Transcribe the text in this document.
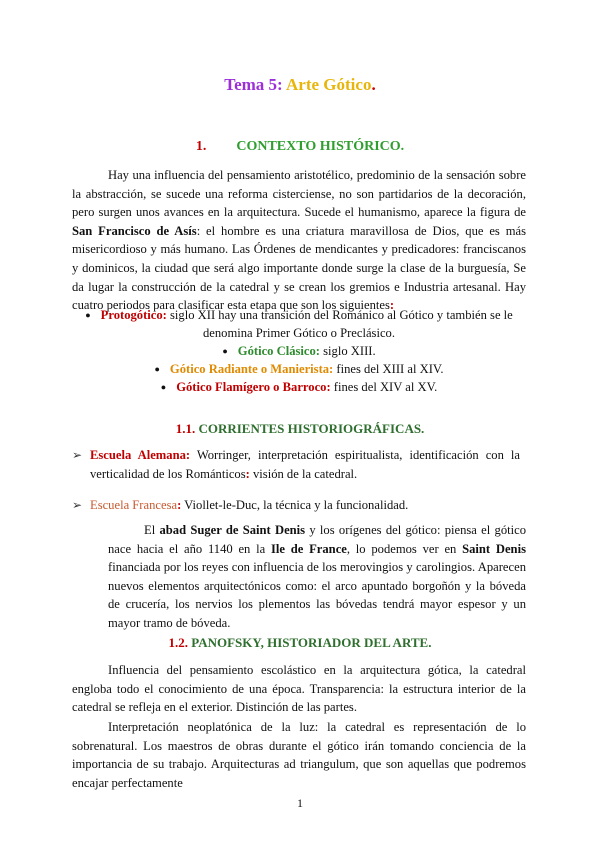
Tema 5: Arte Gótico.
1. CONTEXTO HISTÓRICO.

Hay una influencia del pensamiento aristotélico, predominio de la sensación sobre la abstracción, se sucede una reforma cisterciense, no son partidarios de la decoración, pero surgen unos avances en la arquitectura. Sucede el humanismo, aparece la figura de San Francisco de Asís: el hombre es una criatura maravillosa de Dios, que es más misericordioso y más humano. Las Órdenes de mendicantes y predicadores: franciscanos y dominicos, la ciudad que será algo importante donde surge la clase de la burguesía, Se da lugar la construcción de la catedral y se crean los gremios e Industria artesanal. Hay cuatro periodos para clasificar esta etapa que son los siguientes:

● Protogótico: siglo XII hay una transición del Románico al Gótico y también se le denomina Primer Gótico o Preclásico.
● Gótico Clásico: siglo XIII.
● Gótico Radiante o Manierista: fines del XIII al XIV.
● Gótico Flamígero o Barroco: fines del XIV al XV.
1.1. CORRIENTES HISTORIOGRÁFICAS.

➢ Escuela Alemana: Worringer, interpretación espiritualista, identificación con la verticalidad de los Románticos: visión de la catedral.

➢ Escuela Francesa: Viollet-le-Duc, la técnica y la funcionalidad.

El abad Suger de Saint Denis y los orígenes del gótico: piensa el gótico nace hacia el año 1140 en la Ile de France, lo podemos ver en Saint Denis financiada por los reyes con influencia de los merovingios y carolingios. Aparecen nuevos elementos arquitectónicos como: el arco apuntado borgoñón y la bóveda de crucería, los nervios los plementos las bóvedas tendrá mayor espesor y un mayor tramo de bóveda.

1.2. PANOFSKY, HISTORIADOR DEL ARTE.

Influencia del pensamiento escolástico en la arquitectura gótica, la catedral engloba todo el conocimiento de una época. Transparencia: la estructura interior de la catedral se refleja en el exterior. Distinción de las partes.

Interpretación neoplatónica de la luz: la catedral es representación de lo sobrenatural. Los maestros de obras durante el gótico irán tomando conciencia de la importancia de su trabajo. Arquitecturas ad triangulum, que son aquellas que podremos encajar perfectamente

1
